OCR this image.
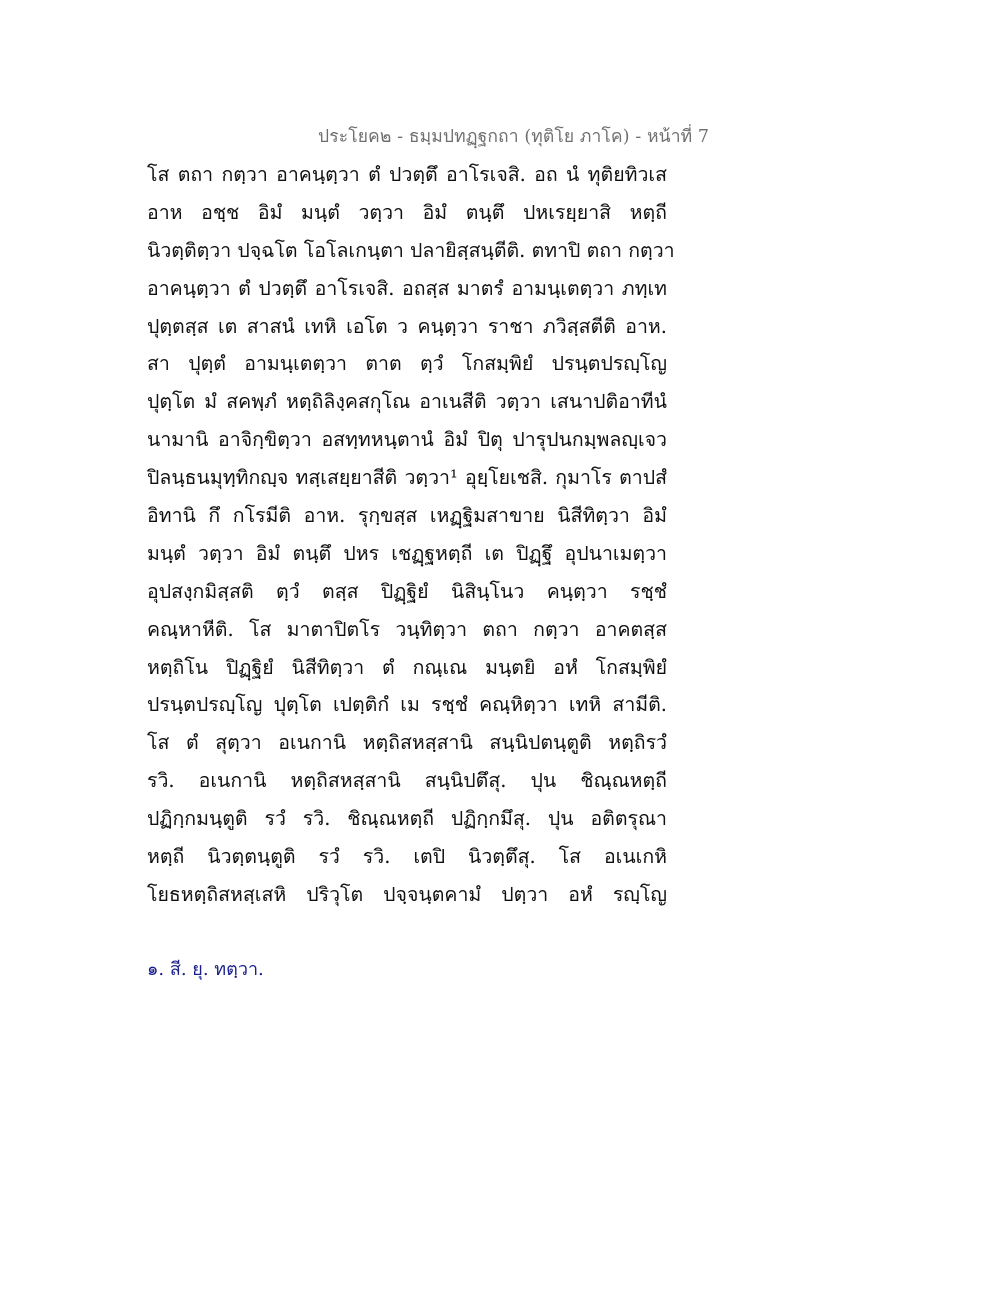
ประโยค๒ - ธมฺมปทฏฺฐกถา (ทุติโย ภาโค) - หน้าที่ 7
โส ตถา กตฺวา อาคนฺตฺวา ตํ ปวตฺตึ อาโรเจสิ. อถ นํ ทุติยทิวเส
อาห อชฺช อิมํ มนฺตํ วตฺวา อิมํ ตนฺตึ ปหเรยฺยาสิ หตฺถี
นิวตฺติตฺวา ปจฺฉโต โอโลเกนฺตา ปลายิสฺสนฺตีติ. ตทาปิ ตถา กตฺวา
อาคนฺตฺวา ตํ ปวตฺตึ อาโรเจสิ. อถสฺส มาตรํ อามนฺเตตฺวา ภทฺเท
ปุตฺตสฺส เต สาสนํ เทหิ เอโต ว คนฺตฺวา ราชา ภวิสฺสตีติ อาห.
สา ปุตฺตํ อามนฺเตตฺวา ตาต ตฺวํ โกสมฺพิยํ ปรนฺตปรญฺโญ
ปุตฺโต มํ สคพฺภํ หตฺถิลิงฺคสกุโณ อาเนสีติ วตฺวา เสนาปติอาทีนํ
นามานิ อาจิกฺขิตฺวา อสทฺทหนฺตานํ อิมํ ปิตุ ปารุปนกมฺพลญฺเจว
ปิลนฺธนมุทฺทิกญฺจ ทสฺเสยฺยาสีติ วตฺวา¹ อุยฺโยเชสิ. กุมาโร ตาปสํ
อิทานิ กึ กโรมีติ อาห. รุกฺขสฺส เหฏฺฐิมสาขาย นิสีทิตฺวา อิมํ
มนฺตํ วตฺวา อิมํ ตนฺตึ ปหร เชฏฺฐหตฺถี เต ปิฏฺฐึ อุปนาเมตฺวา
อุปสงฺกมิสฺสติ ตฺวํ ตสฺส ปิฏฺฐิยํ นิสินฺโนว คนฺตฺวา รชฺชํ
คณฺหาหีติ. โส มาตาปิตโร วนฺทิตฺวา ตถา กตฺวา อาคตสฺส
หตฺถิโน ปิฏฺฐิยํ นิสีทิตฺวา ตํ กณฺเณ มนฺตยิ อหํ โกสมฺพิยํ
ปรนฺตปรญฺโญ ปุตฺโต เปตฺติกํ เม รชฺชํ คณฺหิตฺวา เทหิ สามีติ.
โส ตํ สุตฺวา อเนกานิ หตฺถิสหสฺสานิ สนฺนิปตนฺตูติ หตฺถิรวํ
รวิ. อเนกานิ หตฺถิสหสฺสานิ สนฺนิปตึสุ. ปุน ชิณฺณหตฺถี
ปฏิกฺกมนฺตูติ รวํ รวิ. ชิณฺณหตฺถี ปฏิกฺกมึสุ. ปุน อติตรุณา
หตฺถี นิวตฺตนฺตูติ รวํ รวิ. เตปิ นิวตฺตึสุ. โส อเนเกหิ
โยธหตฺถิสหสฺเสหิ ปริวุโต ปจฺจนฺตคามํ ปตฺวา อหํ รญฺโญ
๑. สี. ยุ. ทตฺวา.
